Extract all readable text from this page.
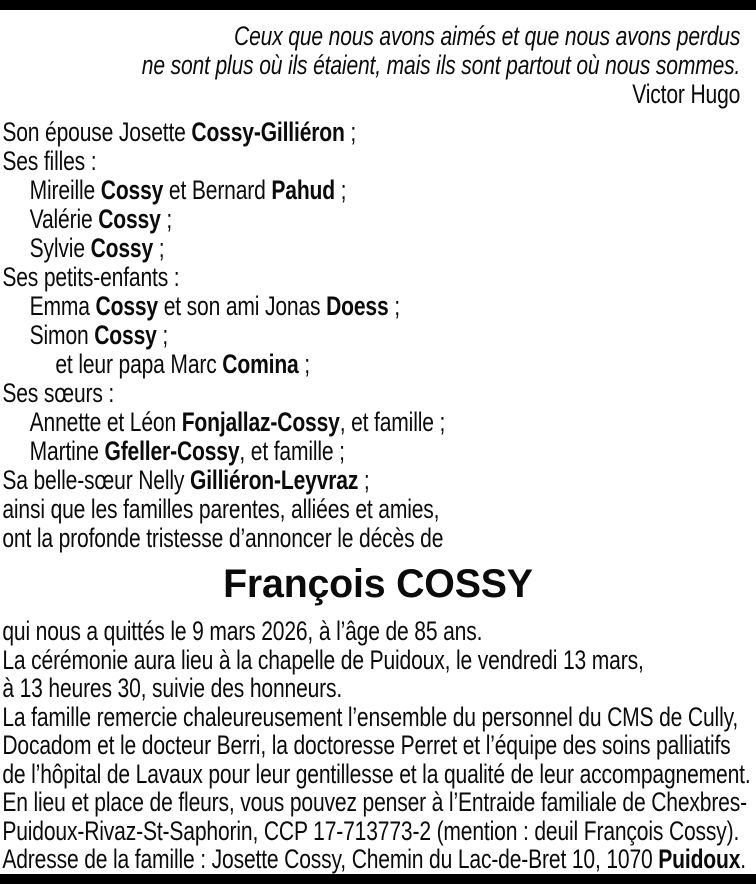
Ceux que nous avons aimés et que nous avons perdus
ne sont plus où ils étaient, mais ils sont partout où nous sommes.
Victor Hugo
Son épouse Josette Cossy-Gilliéron ;
Ses filles :
Mireille Cossy et Bernard Pahud ;
Valérie Cossy ;
Sylvie Cossy ;
Ses petits-enfants :
Emma Cossy et son ami Jonas Doess ;
Simon Cossy ;
et leur papa Marc Comina ;
Ses sœurs :
Annette et Léon Fonjallaz-Cossy, et famille ;
Martine Gfeller-Cossy, et famille ;
Sa belle-sœur Nelly Gilliéron-Leyvraz ;
ainsi que les familles parentes, alliées et amies,
ont la profonde tristesse d’annoncer le décès de
François COSSY
qui nous a quittés le 9 mars 2026, à l’âge de 85 ans.
La cérémonie aura lieu à la chapelle de Puidoux, le vendredi 13 mars,
à 13 heures 30, suivie des honneurs.
La famille remercie chaleureusement l’ensemble du personnel du CMS de Cully,
Docadom et le docteur Berri, la doctoresse Perret et l’équipe des soins palliatifs
de l’hôpital de Lavaux pour leur gentillesse et la qualité de leur accompagnement.
En lieu et place de fleurs, vous pouvez penser à l’Entraide familiale de Chexbres-
Puidoux-Rivaz-St-Saphorin, CCP 17-713773-2 (mention : deuil François Cossy).
Adresse de la famille : Josette Cossy, Chemin du Lac-de-Bret 10, 1070 Puidoux.
